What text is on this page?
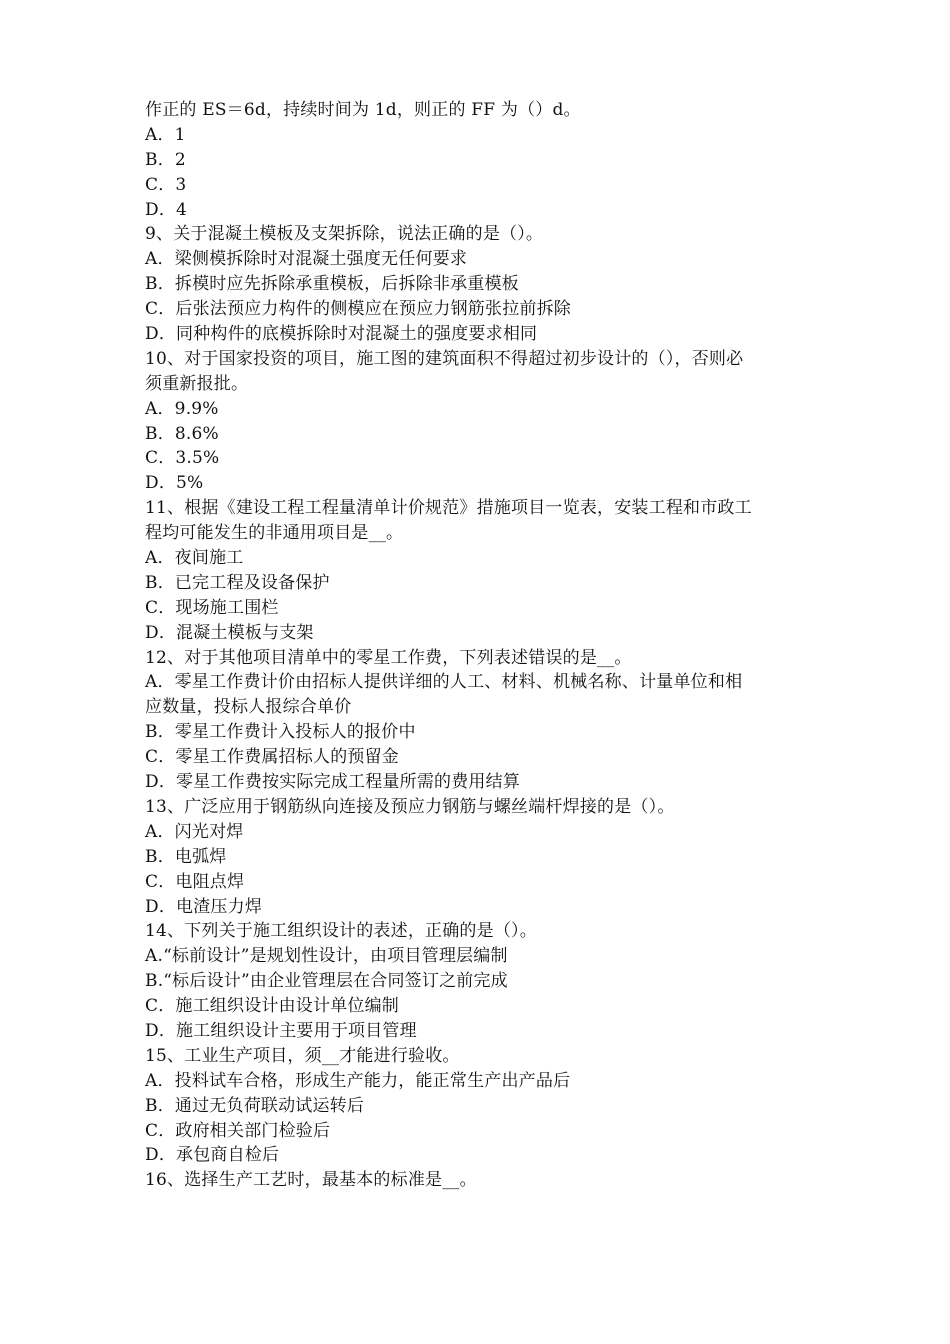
作正的 ES＝6d，持续时间为 1d，则正的 FF 为（）d。
A．1
B．2
C．3
D．4
9、关于混凝土模板及支架拆除，说法正确的是（）。
A．梁侧模拆除时对混凝土强度无任何要求
B．拆模时应先拆除承重模板，后拆除非承重模板
C．后张法预应力构件的侧模应在预应力钢筋张拉前拆除
D．同种构件的底模拆除时对混凝土的强度要求相同
10、对于国家投资的项目，施工图的建筑面积不得超过初步设计的（），否则必
须重新报批。
A．9.9%
B．8.6%
C．3.5%
D．5%
11、根据《建设工程工程量清单计价规范》措施项目一览表，安装工程和市政工
程均可能发生的非通用项目是__。
A．夜间施工
B．已完工程及设备保护
C．现场施工围栏
D．混凝土模板与支架
12、对于其他项目清单中的零星工作费，下列表述错误的是__。
A．零星工作费计价由招标人提供详细的人工、材料、机械名称、计量单位和相
应数量，投标人报综合单价
B．零星工作费计入投标人的报价中
C．零星工作费属招标人的预留金
D．零星工作费按实际完成工程量所需的费用结算
13、广泛应用于钢筋纵向连接及预应力钢筋与螺丝端杆焊接的是（）。
A．闪光对焊
B．电弧焊
C．电阻点焊
D．电渣压力焊
14、下列关于施工组织设计的表述，正确的是（）。
A.“标前设计”是规划性设计，由项目管理层编制
B.“标后设计”由企业管理层在合同签订之前完成
C．施工组织设计由设计单位编制
D．施工组织设计主要用于项目管理
15、工业生产项目，须__才能进行验收。
A．投料试车合格，形成生产能力，能正常生产出产品后
B．通过无负荷联动试运转后
C．政府相关部门检验后
D．承包商自检后
16、选择生产工艺时，最基本的标准是__。
